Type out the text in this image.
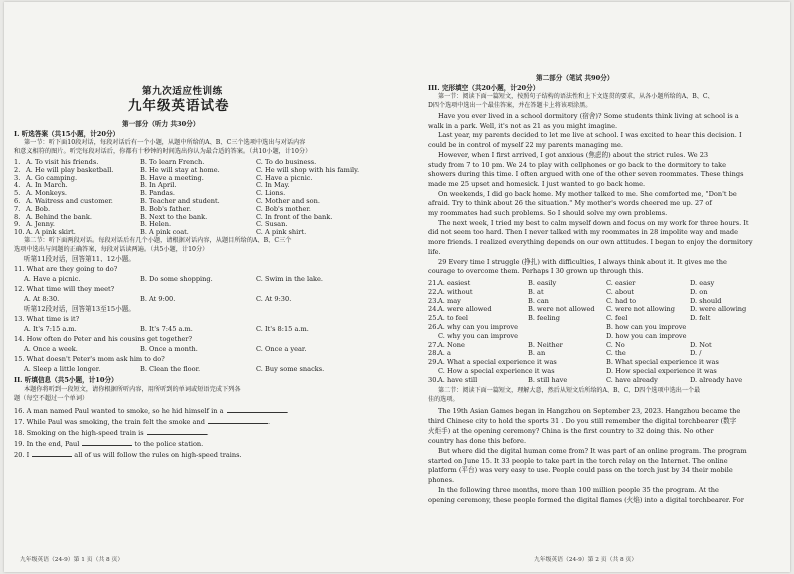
第九次适应性训练
九年级英语试卷
第一部分（听力 共30分）
I. 听选答案（共15小题，计20分）
第一节：听下面10段对话，每段对话后有一个小题，从题中所给的A、B、C三个选项中选出与对话内容
和意义相符的图片。听完每段对话后，你都有十秒钟的时间选出你认为最合适的答案。（共10小题，计10分）
1. A. To visit his friends.	B. To learn French.	C. To do business.
2. A. He will play basketball.	B. He will stay at home.	C. He will shop with his family.
3. A. Go camping.	B. Have a meeting.	C. Have a picnic.
4. A. In March.	B. In April.	C. In May.
5. A. Monkeys.	B. Pandas.	C. Lions.
6. A. Waitress and customer.	B. Teacher and student.	C. Mother and son.
7. A. Bob.	B. Bob's father.	C. Bob's mother.
8. A. Behind the bank.	B. Next to the bank.	C. In front of the bank.
9. A. Jenny.	B. Helen.	C. Susan.
10. A. A pink skirt.	B. A pink coat.	C. A pink shirt.
第二节：听下面两段对话。每段对话后有几个小题，请根据对话内容，从题目所给的A、B、C三个
选项中选出与问题的正确答案，每段对话读两遍。（共5小题，计10分）
听第11段对话，回答第11、12小题。
11. What are they going to do?
A. Have a picnic.	B. Do some shopping.	C. Swim in the lake.
12. What time will they meet?
A. At 8:30.	B. At 9:00.	C. At 9:30.
听第12段对话，回答第13至15小题。
13. What time is it?
A. It's 7:15 a.m.	B. It's 7:45 a.m.	C. It's 8:15 a.m.
14. How often do Peter and his cousins get together?
A. Once a week.	B. Once a month.	C. Once a year.
15. What doesn't Peter's mom ask him to do?
A. Sleep a little longer.	B. Clean the floor.	C. Buy some snacks.
II. 听填信息（共5小题，计10分）
本题你将听到一段短文，请你根据所听内容，用所听到的单词或短语完成下列各
题（每空不超过一个单词）
16. A man named Paul wanted to smoke, so he hid himself in a	.
17. While Paul was smoking, the train felt the smoke and	.
18. Smoking on the high-speed train is	.
19. In the end, Paul	to the police station.
20. I	all of us will follow the rules on high-speed trains.
九年级英语（24-9）第 1 页（共 8 页）
第二部分（笔试 共90分）
III. 完形填空（共20小题，计20分）
第一节：阅读下面一篇短文，按照句子结构的语法性和上下文连贯的要求，从各小题所给的A、B、C、
D四个选项中选出一个最佳答案，并在答题卡上将该项涂黑。
Have you ever lived in a school dormitory (宿舍)? Some students think living at school is a
walk in a park. Well, it's not as 21 as you might imagine.
Last year, my parents decided to let me live at school. I was excited to hear this decision. I
could be in control of myself 22 my parents managing me.
However, when I first arrived, I got anxious (焦虑的) about the strict rules. We 23
study from 7 to 10 pm. We 24 to play with cellphones or go back to the dormitory to take
showers during this time. I often argued with one of the other seven roommates. These things
made me 25 upset and homesick. I just wanted to go back home.
On weekends, I did go back home. My mother talked to me. She comforted me, "Don't be
afraid. Try to think about 26 the situation." My mother's words cheered me up. 27 of
my roommates had such problems. So I should solve my own problems.
The next week, I tried my best to calm myself down and focus on my work for three hours. It
did not seem too hard. Then I never talked with my roommates in 28 impolite way and made
more friends. I realized everything depends on our own attitudes. I began to enjoy the dormitory
life.
29 Every time I struggle (挣扎) with difficulties, I always think about it. It gives me the
courage to overcome them. Perhaps I 30 grown up through this.
21. A. easiest	B. easily	C. easier	D. easy
22. A. without	B. at	C. about	D. on
23. A. may	B. can	C. had to	D. should
24. A. were allowed	B. were not allowed C. were not allowing D. were allowing
25. A. to feel	B. feeling	C. feel	D. felt
26. A. why can you improve	B. how can you improve
C. why you can improve	D. how you can improve
27. A. None	B. Neither	C. No	D. Not
28. A. a	B. an	C. the	D. /
29. A. What a special experience it was	B. What special experience it was
C. How a special experience it was	D. How special experience it was
30. A. have still	B. still have	C. have already	D. already have
第二节：阅读下面一篇短文，理解大意，然后从短文后所给的A、B、C、D四个选项中选出一个最
佳的选项。
The 19th Asian Games began in Hangzhou on September 23, 2023. Hangzhou became the
third Chinese city to hold the sports 31 . Do you still remember the digital torchbearer (数字
火炬手) at the opening ceremony? China is the first country to 32 doing this. No other
country has done this before.
But where did the digital human come from? It was part of an online program. The program
started on June 15. It 33 people to take part in the torch relay on the Internet. The online
platform (平台) was very easy to use. People could pass on the torch just by 34 their mobile
phones.
In the following three months, more than 100 million people 35 the program. At the
opening ceremony, these people formed the digital flames (火焰) into a digital torchbearer. For
九年级英语（24-9）第 2 页（共 8 页）
